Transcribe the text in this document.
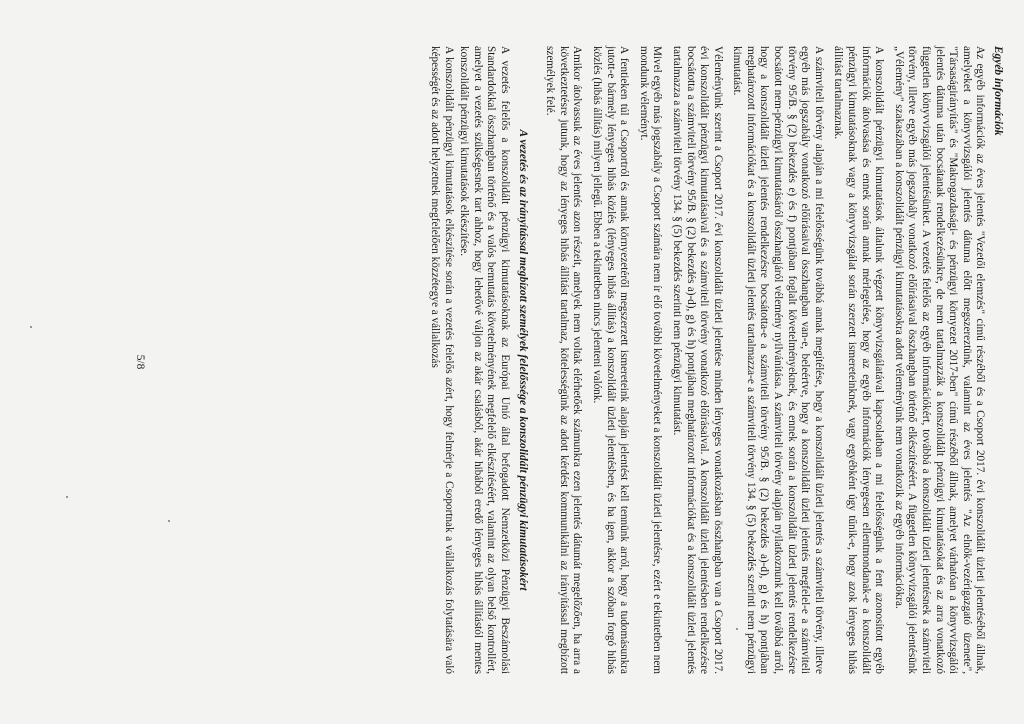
Egyéb információk

Az egyéb információk az éves jelentés "Vezetői elemzés" című részéből és a Csoport 2017. évi konszolidált üzleti jelentéséből állnak, amelyeket a könyvvizsgálói jelentés dátuma előtt megszereztünk, valamint az éves jelentés "Az elnök-vezérigazgató üzenete", "Társaságirányítás" és "Makrogazdasági- és pénzügyi környezet 2017-ben" című részéből állnak, amelyet várhatóan a könyvvizsgálói jelentés dátuma után bocsátanak rendelkezésünkre, de nem tartalmazzák a konszolidált pénzügyi kimutatásokat és az arra vonatkozó független könyvvizsgálói jelentésünket. A vezetés felelős az egyéb információkért, továbbá a konszolidált üzleti jelentésnek a számviteli törvény, illetve egyéb más jogszabály vonatkozó előírásaival összhangban történő elkészítéséért. A független könyvvizsgálói jelentésünk „Vélemény" szakaszában a konszolidált pénzügyi kimutatásokra adott véleményünk nem vonatkozik az egyéb információkra.

A konszolidált pénzügyi kimutatások általunk végzett könyvvizsgálatával kapcsolatban a mi felelősségünk a fent azonosított egyéb információk átolvasása és ennek során annak mérlegelése, hogy az egyéb információk lényegesen ellentmondanak-e a konszolidált pénzügyi kimutatásoknak vagy a könyvvizsgálat során szerzett ismereteinknek, vagy egyébként úgy tűnik-e, hogy azok lényeges hibás állítást tartalmaznak.

A számviteli törvény alapján a mi felelősségünk továbbá annak megítélése, hogy a konszolidált üzleti jelentés a számviteli törvény, illetve egyéb más jogszabály vonatkozó előírásaival összhangban van-e, beleértve, hogy a konszolidált üzleti jelentés megfelel-e a számviteli törvény 95/B. § (2) bekezdés e) és f) pontjában foglalt követelményeknek, és ennek során a konszolidált üzleti jelentés rendelkezésre bocsátott nem-pénzügyi kimutatásáról összhangjáról vélemény nyilvánítása. A számviteli törvény alapján nyilatkoznunk kell továbbá arról, hogy a konszolidált üzleti jelentés rendelkezésre bocsátotta-e a számviteli törvény 95/B. § (2) bekezdés a)-d), g) és h) pontjában meghatározott információkat és a konszolidált üzleti jelentés tartalmazza-e a számviteli törvény 134. § (5) bekezdés szerinti nem pénzügyi kimutatást.

Véleményünk szerint a Csoport 2017. évi konszolidált üzleti jelentése minden lényeges vonatkozásban összhangban van a Csoport 2017. évi konszolidált pénzügyi kimutatásaival és a számviteli törvény vonatkozó előírásaival. A konszolidált üzleti jelentésben rendelkezésre bocsátotta a számviteli törvény 95/B. § (2) bekezdés a)-d), g) és h) pontjában meghatározott információkat és a konszolidált üzleti jelentés tartalmazza a számviteli törvény 134. § (5) bekezdés szerinti nem pénzügyi kimutatást.

Mivel egyéb más jogszabály a Csoport számára nem ír elő további követelményeket a konszolidált üzleti jelentésre, ezért e tekintetben nem mondunk véleményt.

A fentieken túl a Csoportról és annak környezetéről megszerzett ismereteink alapján jelentést kell tennünk arról, hogy a tudomásunkra jutott-e bármely lényeges hibás közlés (lényeges hibás állítás) a konszolidált üzleti jelentésben, és ha igen, akkor a szóban forgó hibás közlés (hibás állítás) milyen jellegű. Ebben a tekintetben nincs jelenteni valónk.

Amikor átolvassuk az éves jelentés azon részeit, amelyek nem voltak elérhetőek számunkra ezen jelentés dátumát megelőzően, ha arra a következtetésre jutunk, hogy az lényeges hibás állítást tartalmaz, kötelességünk az adott kérdést kommunikálni az irányítással megbízott személyek felé.

A vezetés és az irányítással megbízott személyek felelőssége a konszolidált pénzügyi kimutatásokért

A vezetés felelős a konszolidált pénzügyi kimutatásoknak az Európai Unió által befogadott Nemzetközi Pénzügyi Beszámolási Standardokkal összhangban történő és a valós bemutatás követelményének megfelelő elkészítéséért, valamint az olyan belső kontrollért, amelyet a vezetés szükségesnek tart ahhoz, hogy lehetővé váljon az akár csalásból, akár hibából eredő lényeges hibás állítástól mentes konszolidált pénzügyi kimutatások elkészítése.

A konszolidált pénzügyi kimutatások elkészítése során a vezetés felelős azért, hogy felmérje a Csoportnak a vállalkozás folytatására való képességét és az adott helyzetnek megfelelően közzétegye a vállalkozás

5/8
